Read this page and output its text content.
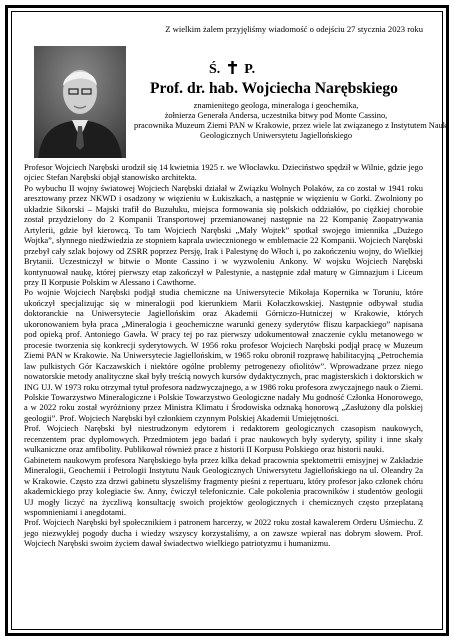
Z wielkim żalem przyjęliśmy wiadomość o odejściu 27 stycznia 2023 roku
Ś. P.
Prof. dr. hab. Wojciecha Narębskiego
znamienitego geologa, mineraloga i geochemika,
żołnierza Generała Andersa, uczestnika bitwy pod Monte Cassino,
pracownika Muzeum Ziemi PAN w Krakowie, przez wiele lat związanego z Instytutem Nauk
Geologicznych Uniwersytetu Jagiellońskiego

Profesor Wojciech Narębski urodził się 14 kwietnia 1925 r. we Włocławku. Dzieciństwo spędził w Wilnie, gdzie jego ojciec Stefan Narębski objął stanowisko architekta.

Po wybuchu II wojny światowej Wojciech Narębski działał w Związku Wolnych Polaków, za co został w 1941 roku aresztowany przez NKWD i osadzony w więzieniu w Łukiszkach, a następnie w więzieniu w Gorki. Zwolniony po układzie Sikorski – Majski trafił do Buzułuku, miejsca formowania się polskich oddziałów, po ciężkiej chorobie został przydzielony do 2 Kompanii Transportowej przemianowanej następnie na 22 Kompanię Zaopatrywania Artylerii, gdzie był kierowcą. To tam Wojciech Narębski „Mały Wojtek” spotkał swojego imiennika „Dużego Wojtka”, słynnego niedźwiedzia ze stopniem kaprala uwiecznionego w emblemacie 22 Kompanii. Wojciech Narębski przebył cały szlak bojowy od ZSRR poprzez Persję, Irak i Palestynę do Włoch i, po zakończeniu wojny, do Wielkiej Brytanii. Uczestniczył w bitwie o Monte Cassino i w wyzwoleniu Ankony. W wojsku Wojciech Narębski kontynuował naukę, której pierwszy etap zakończył w Palestynie, a następnie zdał maturę w Gimnazjum i Liceum przy II Korpusie Polskim w Alessano i Cawthorne.

Po wojnie Wojciech Narębski podjął studia chemiczne na Uniwersytecie Mikołaja Kopernika w Toruniu, które ukończył specjalizując się w mineralogii pod kierunkiem Marii Kołaczkowskiej. Następnie odbywał studia doktoranckie na Uniwersytecie Jagiellońskim oraz Akademii Górniczo-Hutniczej w Krakowie, których ukoronowaniem była praca „Mineralogia i geochemiczne warunki genezy syderytów fliszu karpackiego” napisana pod opieką prof. Antoniego Gawła. W pracy tej po raz pierwszy udokumentował znaczenie cyklu metanowego w procesie tworzenia się konkrecji syderytowych. W 1956 roku profesor Wojciech Narębski podjął pracę w Muzeum Ziemi PAN w Krakowie. Na Uniwersytecie Jagiellońskim, w 1965 roku obronił rozprawę habilitacyjną „Petrochemia law pulkistych Gór Kaczawskich i niektóre ogólne problemy petrogenezy ofiolitów”. Wprowadzane przez niego nowatorskie metody analityczne skał były treścią nowych kursów dydaktycznych, prac magisterskich i doktorskich w ING UJ. W 1973 roku otrzymał tytuł profesora nadzwyczajnego, a w 1986 roku profesora zwyczajnego nauk o Ziemi. Polskie Towarzystwo Mineralogiczne i Polskie Towarzystwo Geologiczne nadały Mu godność Członka Honorowego, a w 2022 roku został wyróżniony przez Ministra Klimatu i Środowiska odznaką honorową „Zasłużony dla polskiej geologii”. Prof. Wojciech Narębski był członkiem czynnym Polskiej Akademii Umiejętności.

Prof. Wojciech Narębski był niestrudzonym edytorem i redaktorem geologicznych czasopism naukowych, recenzentem prac dyplomowych. Przedmiotem jego badań i prac naukowych były syderyty, spility i inne skały wulkaniczne oraz amfibolity. Publikował również prace z historii II Korpusu Polskiego oraz historii nauki.

Gabinetem naukowym profesora Narębskiego była przez kilka dekad pracownia spektometrii emisyjnej w Zakładzie Mineralogii, Geochemii i Petrologii Instytutu Nauk Geologicznych Uniwersytetu Jagiellońskiego na ul. Oleandry 2a w Krakowie. Często zza drzwi gabinetu słyszeliśmy fragmenty pieśni z repertuaru, który profesor jako członek chóru akademickiego przy kolegiacie św. Anny, ćwiczył telefonicznie. Całe pokolenia pracowników i studentów geologii UJ mogły liczyć na życzliwą konsultację swoich projektów geologicznych i chemicznych często przeplataną wspomnieniami i anegdotami.

Prof. Wojciech Narębski był społecznikiem i patronem harcerzy, w 2022 roku został kawalerem Orderu Uśmiechu. Z jego niezwykłej pogody ducha i wiedzy wszyscy korzystaliśmy, a on zawsze wpierał nas dobrym słowem. Prof. Wojciech Narębski swoim życiem dawał świadectwo wielkiego patriotyzmu i humanizmu.
